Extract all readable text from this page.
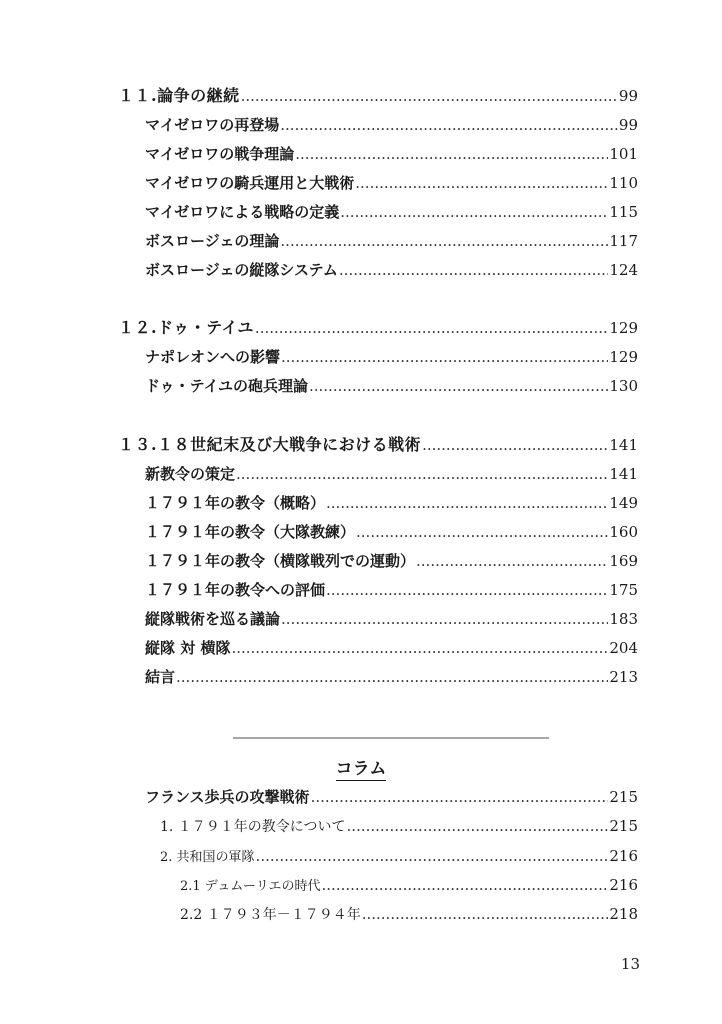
１１.論争の継続 .....	99
マイゼロワの再登場 .....	99
マイゼロワの戦争理論 .....	101
マイゼロワの騎兵運用と大戦術 .....	110
マイゼロワによる戦略の定義 .....	115
ボスロージェの理論 .....	117
ボスロージェの縦隊システム .....	124
１２.ドゥ・テイユ .....	129
ナポレオンへの影響 .....	129
ドゥ・テイユの砲兵理論 .....	130
１３.１８世紀末及び大戦争における戦術 .....	141
新教令の策定 .....	141
１７９１年の教令（概略） .....	149
１７９１年の教令（大隊教練） .....	160
１７９１年の教令（横隊戦列での運動） .....	169
１７９１年の教令への評価 .....	175
縦隊戦術を巡る議論 .....	183
縦隊 対 横隊 .....	204
結言 .....	213
コラム
フランス歩兵の攻撃戦術 .....	215
1. １７９１年の教令について .....	215
2. 共和国の軍隊 .....	216
2.1 デュムーリエの時代 .....	216
2.2 １７９３年－１７９４年 .....	218
13
